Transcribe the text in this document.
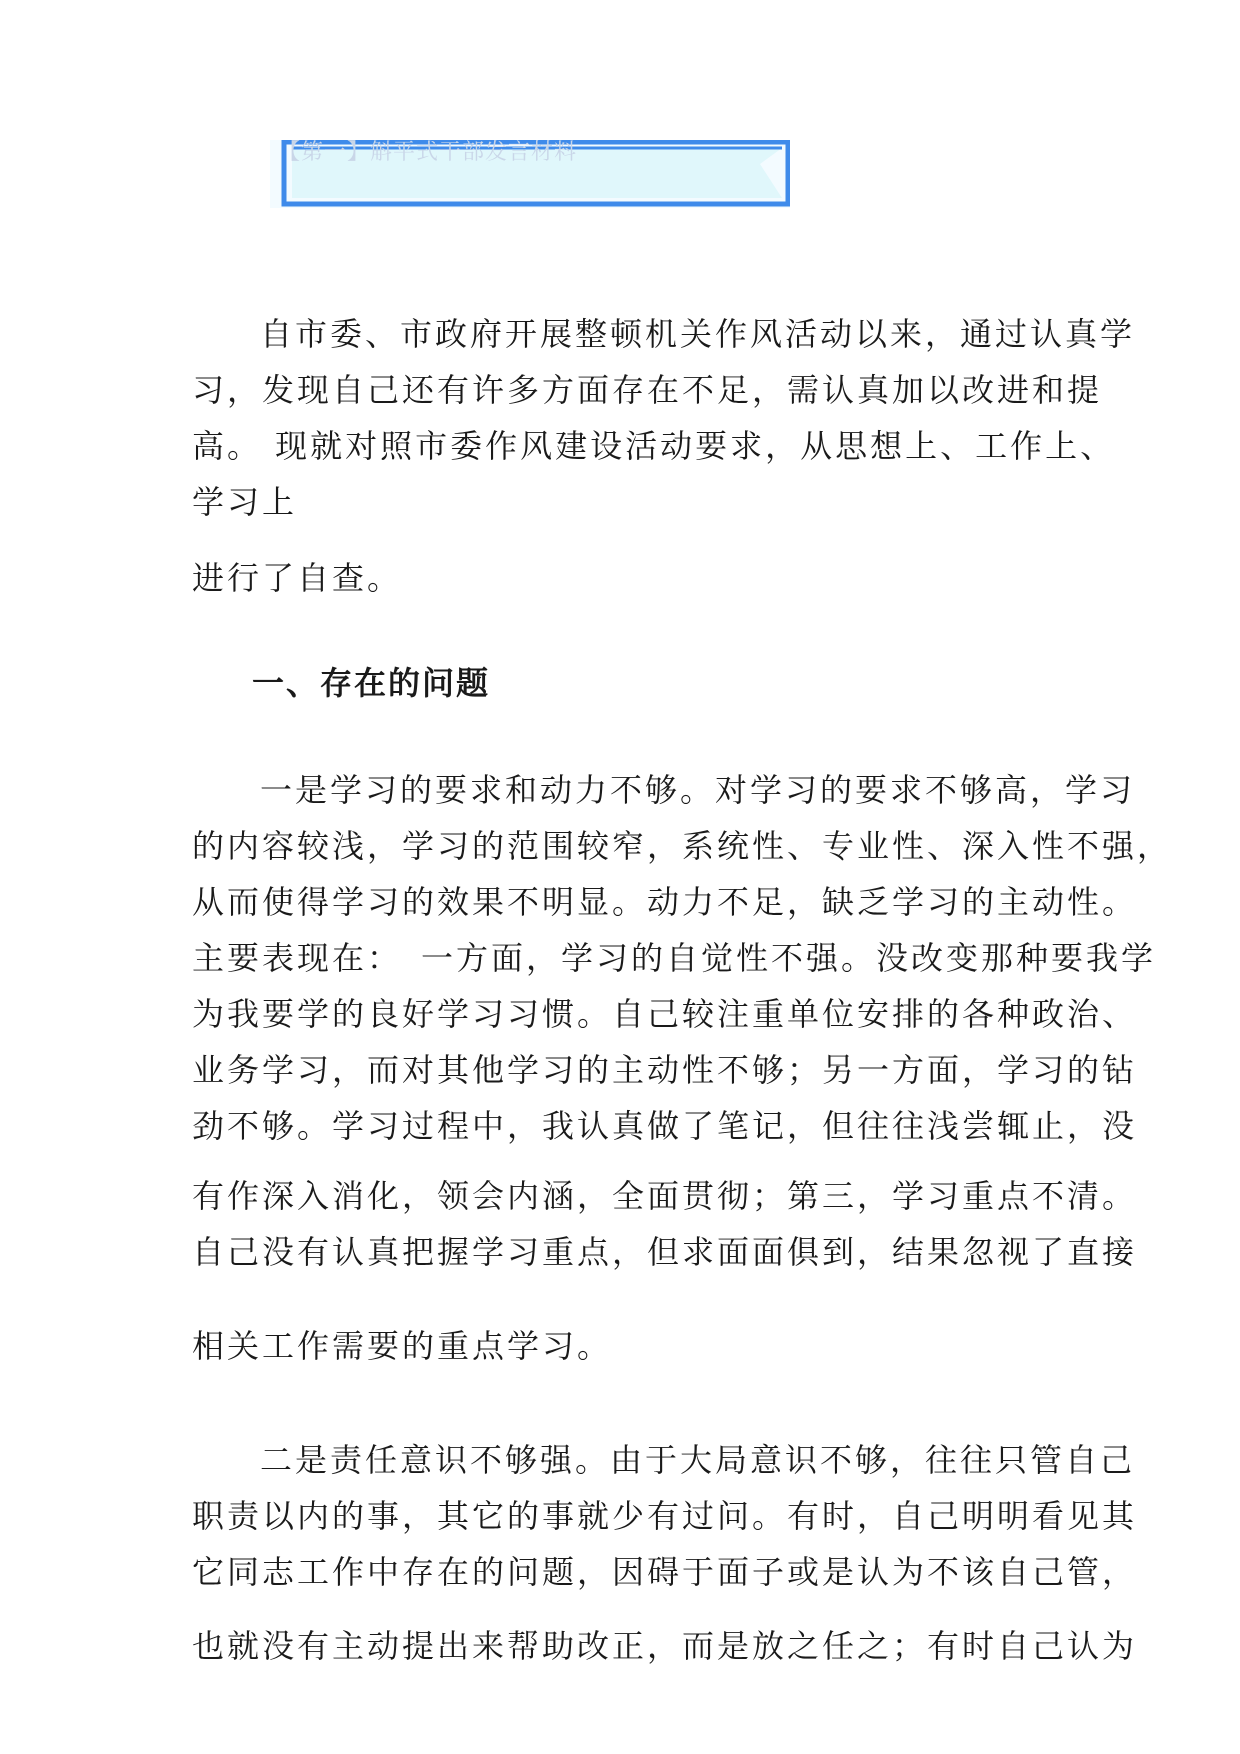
【第一】斛平式干部发言材料
自市委、市政府开展整顿机关作风活动以来，通过认真学
习，发现自己还有许多方面存在不足，需认真加以改进和提
高。 现就对照市委作风建设活动要求，从思想上、工作上、
学习上
进行了自查。
一、存在的问题
一是学习的要求和动力不够。对学习的要求不够高，学习
的内容较浅，学习的范围较窄，系统性、专业性、深入性不强，
从而使得学习的效果不明显。动力不足，缺乏学习的主动性。
主要表现在：　一方面，学习的自觉性不强。没改变那种要我学
为我要学的良好学习习惯。自己较注重单位安排的各种政治、
业务学习，而对其他学习的主动性不够；另一方面，学习的钻
劲不够。学习过程中，我认真做了笔记，但往往浅尝辄止，没
有作深入消化，领会内涵，全面贯彻；第三，学习重点不清。
自己没有认真把握学习重点，但求面面俱到，结果忽视了直接
相关工作需要的重点学习。
二是责任意识不够强。由于大局意识不够，往往只管自己
职责以内的事，其它的事就少有过问。有时，自己明明看见其
它同志工作中存在的问题，因碍于面子或是认为不该自己管，
也就没有主动提出来帮助改正，而是放之任之；有时自己认为
